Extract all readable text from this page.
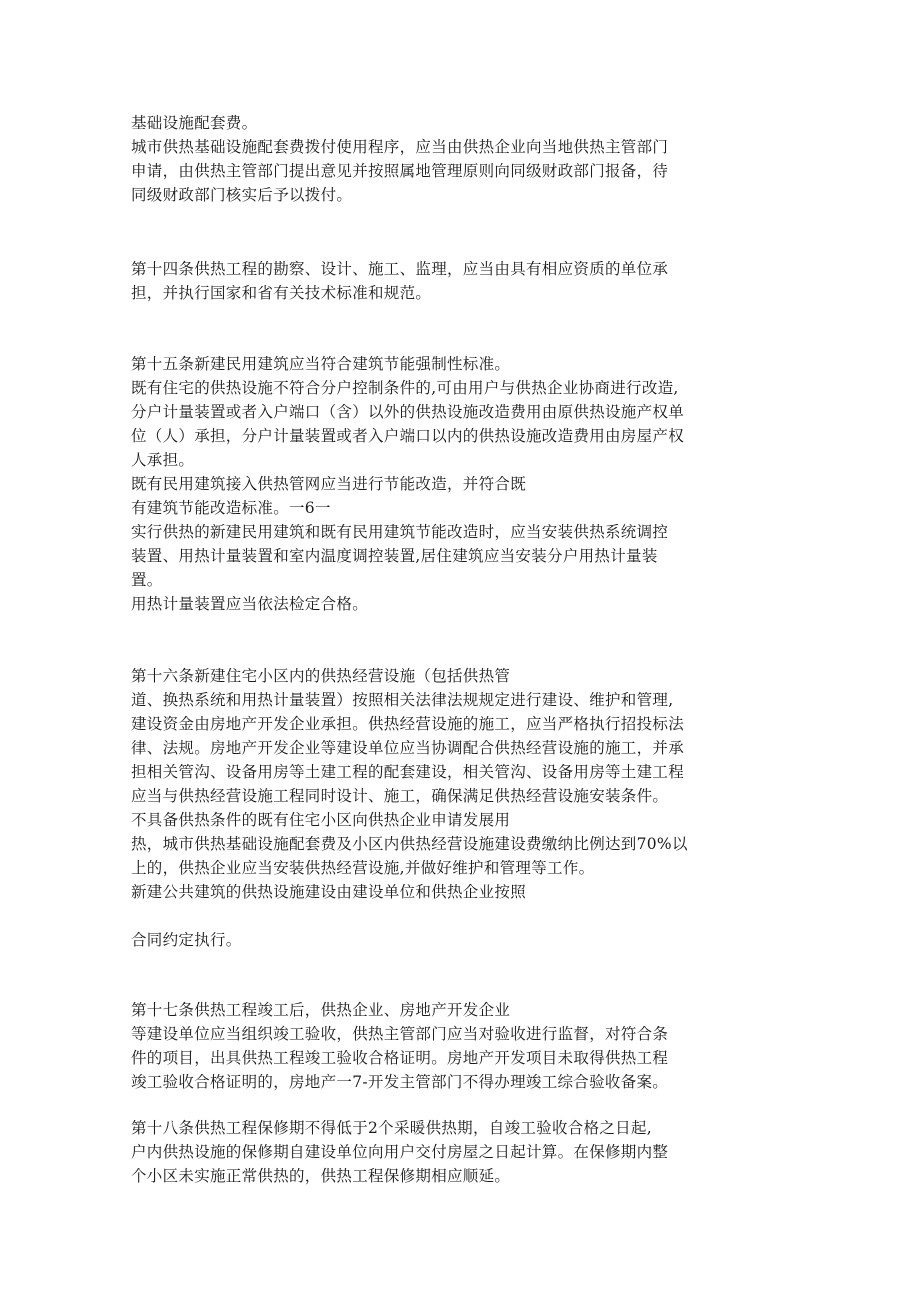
基础设施配套费。
城市供热基础设施配套费拨付使用程序，应当由供热企业向当地供热主管部门
申请，由供热主管部门提出意见并按照属地管理原则向同级财政部门报备，待
同级财政部门核实后予以拨付。
第十四条供热工程的勘察、设计、施工、监理，应当由具有相应资质的单位承
担，并执行国家和省有关技术标准和规范。
第十五条新建民用建筑应当符合建筑节能强制性标准。
既有住宅的供热设施不符合分户控制条件的,可由用户与供热企业协商进行改造,
分户计量装置或者入户端口（含）以外的供热设施改造费用由原供热设施产权单
位（人）承担，分户计量装置或者入户端口以内的供热设施改造费用由房屋产权
人承担。
既有民用建筑接入供热管网应当进行节能改造，并符合既
有建筑节能改造标准。一6一
实行供热的新建民用建筑和既有民用建筑节能改造时，应当安装供热系统调控
装置、用热计量装置和室内温度调控装置,居住建筑应当安装分户用热计量装
置。
用热计量装置应当依法检定合格。
第十六条新建住宅小区内的供热经营设施（包括供热管
道、换热系统和用热计量装置）按照相关法律法规规定进行建设、维护和管理,
建设资金由房地产开发企业承担。供热经营设施的施工，应当严格执行招投标法
律、法规。房地产开发企业等建设单位应当协调配合供热经营设施的施工，并承
担相关管沟、设备用房等土建工程的配套建设，相关管沟、设备用房等土建工程
应当与供热经营设施工程同时设计、施工，确保满足供热经营设施安装条件。
不具备供热条件的既有住宅小区向供热企业申请发展用
热，城市供热基础设施配套费及小区内供热经营设施建设费缴纳比例达到70%以
上的，供热企业应当安装供热经营设施,并做好维护和管理等工作。
新建公共建筑的供热设施建设由建设单位和供热企业按照
合同约定执行。
第十七条供热工程竣工后，供热企业、房地产开发企业
等建设单位应当组织竣工验收，供热主管部门应当对验收进行监督，对符合条
件的项目，出具供热工程竣工验收合格证明。房地产开发项目未取得供热工程
竣工验收合格证明的，房地产一7-开发主管部门不得办理竣工综合验收备案。
第十八条供热工程保修期不得低于2个采暖供热期，自竣工验收合格之日起,
户内供热设施的保修期自建设单位向用户交付房屋之日起计算。在保修期内整
个小区未实施正常供热的，供热工程保修期相应顺延。
